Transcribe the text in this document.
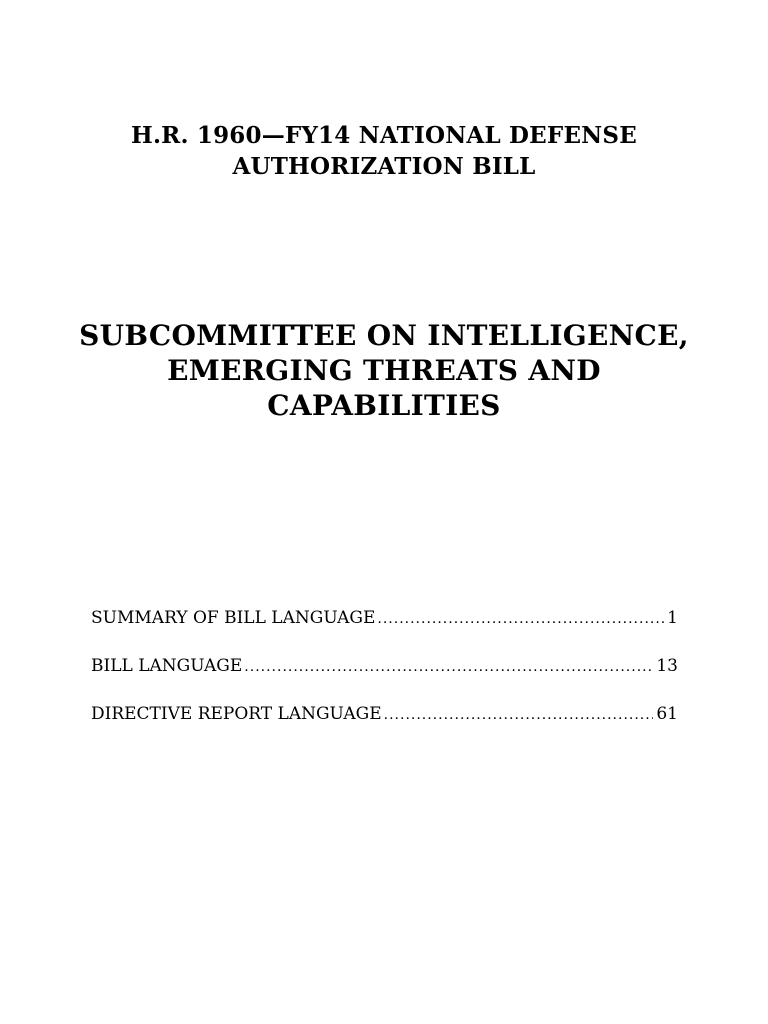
H.R. 1960—FY14 NATIONAL DEFENSE
AUTHORIZATION BILL
SUBCOMMITTEE ON INTELLIGENCE,
EMERGING THREATS AND
CAPABILITIES
SUMMARY OF BILL LANGUAGE .....	1
BILL LANGUAGE .....	13
DIRECTIVE REPORT LANGUAGE .....	61
